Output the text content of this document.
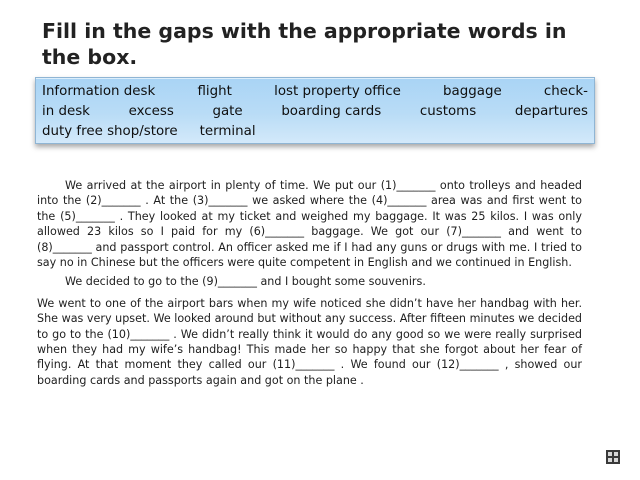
Fill in the gaps with the appropriate words in the box.
Information desk	flight	lost property office	baggage	check-
in desk	excess	gate	boarding cards	customs	departures
duty free shop/store terminal

We arrived at the airport in plenty of time. We put our (1)_______ onto trolleys and headed into the (2)_______ . At the (3)_______ we asked where the (4)_______ area was and first went to the (5)_______ . They looked at my ticket and weighed my baggage. It was 25 kilos. I was only allowed 23 kilos so I paid for my (6)_______ baggage. We got our (7)_______ and went to (8)_______ and passport control. An officer asked me if I had any guns or drugs with me. I tried to say no in Chinese but the officers were quite competent in English and we continued in English.

We decided to go to the (9)_______ and I bought some souvenirs.

We went to one of the airport bars when my wife noticed she didn’t have her handbag with her. She was very upset. We looked around but without any success. After fifteen minutes we decided to go to the (10)_______ . We didn’t really think it would do any good so we were really surprised when they had my wife’s handbag! This made her so happy that she forgot about her fear of flying. At that moment they called our (11)_______ . We found our (12)_______ , showed our boarding cards and passports again and got on the plane .
